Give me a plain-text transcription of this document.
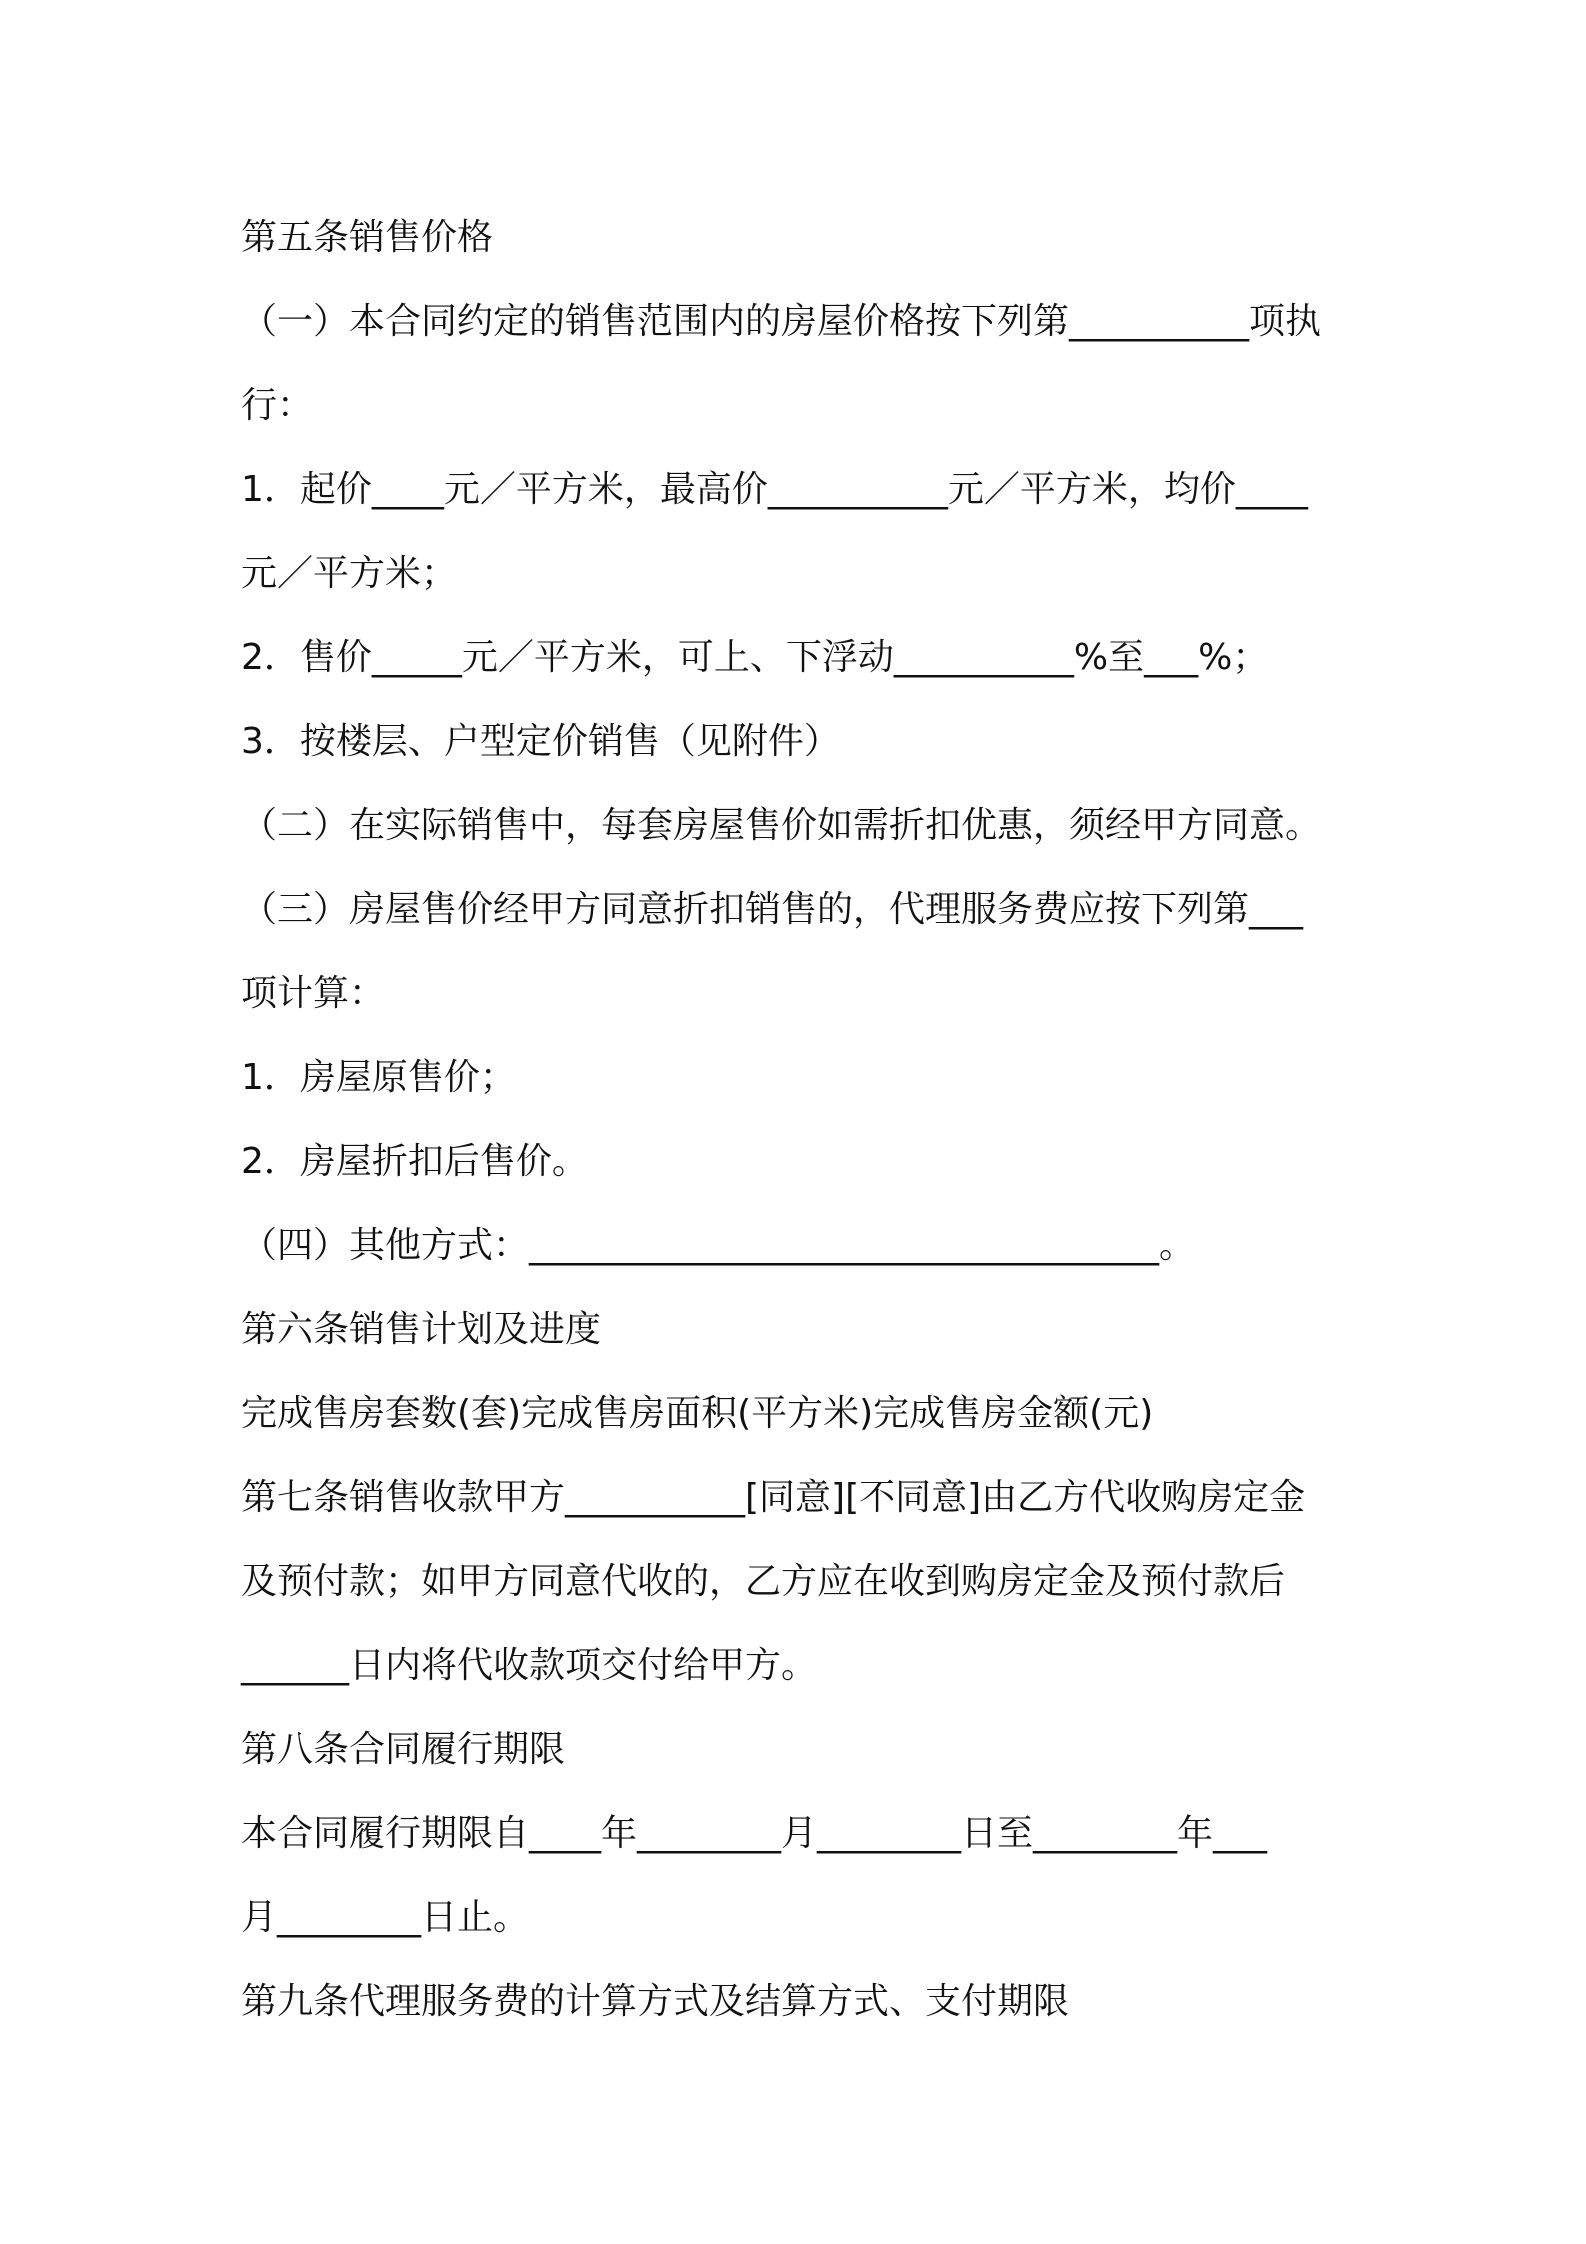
第五条销售价格
（一）本合同约定的销售范围内的房屋价格按下列第__________项执
行：
1．起价____元／平方米，最高价__________元／平方米，均价____
元／平方米；
2．售价_____元／平方米，可上、下浮动__________%至___%；
3．按楼层、户型定价销售（见附件）
（二）在实际销售中，每套房屋售价如需折扣优惠，须经甲方同意。
（三）房屋售价经甲方同意折扣销售的，代理服务费应按下列第___
项计算：
1．房屋原售价；
2．房屋折扣后售价。
（四）其他方式：___________________________________。
第六条销售计划及进度
完成售房套数(套)完成售房面积(平方米)完成售房金额(元)
第七条销售收款甲方__________[同意][不同意]由乙方代收购房定金
及预付款；如甲方同意代收的，乙方应在收到购房定金及预付款后
______日内将代收款项交付给甲方。
第八条合同履行期限
本合同履行期限自____年________月________日至________年___
月________日止。
第九条代理服务费的计算方式及结算方式、支付期限
